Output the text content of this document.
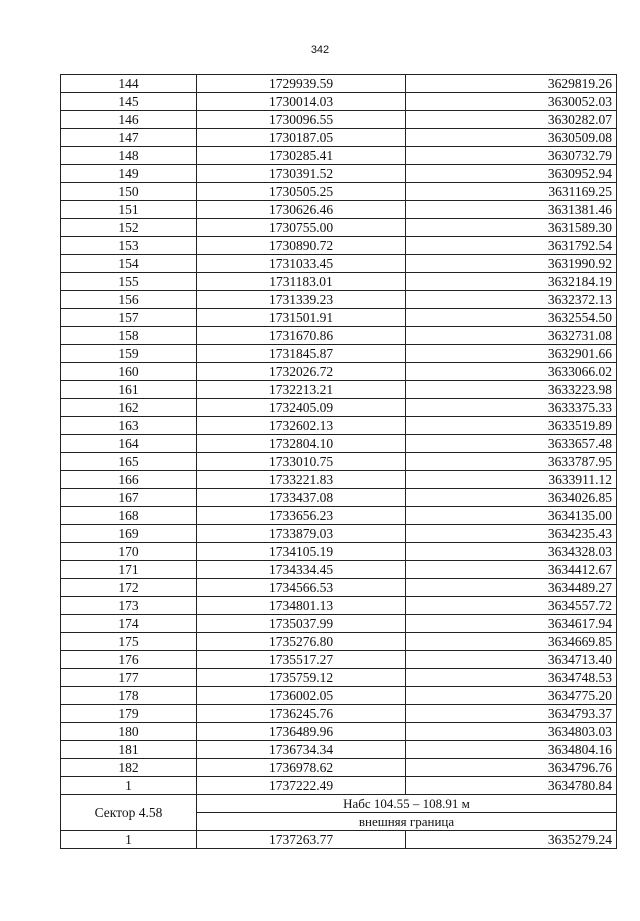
342
144	1729939.59	3629819.26
145	1730014.03	3630052.03
146	1730096.55	3630282.07
147	1730187.05	3630509.08
148	1730285.41	3630732.79
149	1730391.52	3630952.94
150	1730505.25	3631169.25
151	1730626.46	3631381.46
152	1730755.00	3631589.30
153	1730890.72	3631792.54
154	1731033.45	3631990.92
155	1731183.01	3632184.19
156	1731339.23	3632372.13
157	1731501.91	3632554.50
158	1731670.86	3632731.08
159	1731845.87	3632901.66
160	1732026.72	3633066.02
161	1732213.21	3633223.98
162	1732405.09	3633375.33
163	1732602.13	3633519.89
164	1732804.10	3633657.48
165	1733010.75	3633787.95
166	1733221.83	3633911.12
167	1733437.08	3634026.85
168	1733656.23	3634135.00
169	1733879.03	3634235.43
170	1734105.19	3634328.03
171	1734334.45	3634412.67
172	1734566.53	3634489.27
173	1734801.13	3634557.72
174	1735037.99	3634617.94
175	1735276.80	3634669.85
176	1735517.27	3634713.40
177	1735759.12	3634748.53
178	1736002.05	3634775.20
179	1736245.76	3634793.37
180	1736489.96	3634803.03
181	1736734.34	3634804.16
182	1736978.62	3634796.76
1	1737222.49	3634780.84
Сектор 4.58	Набс 104.55 – 108.91 м	
	внешняя граница	
1	1737263.77	3635279.24
